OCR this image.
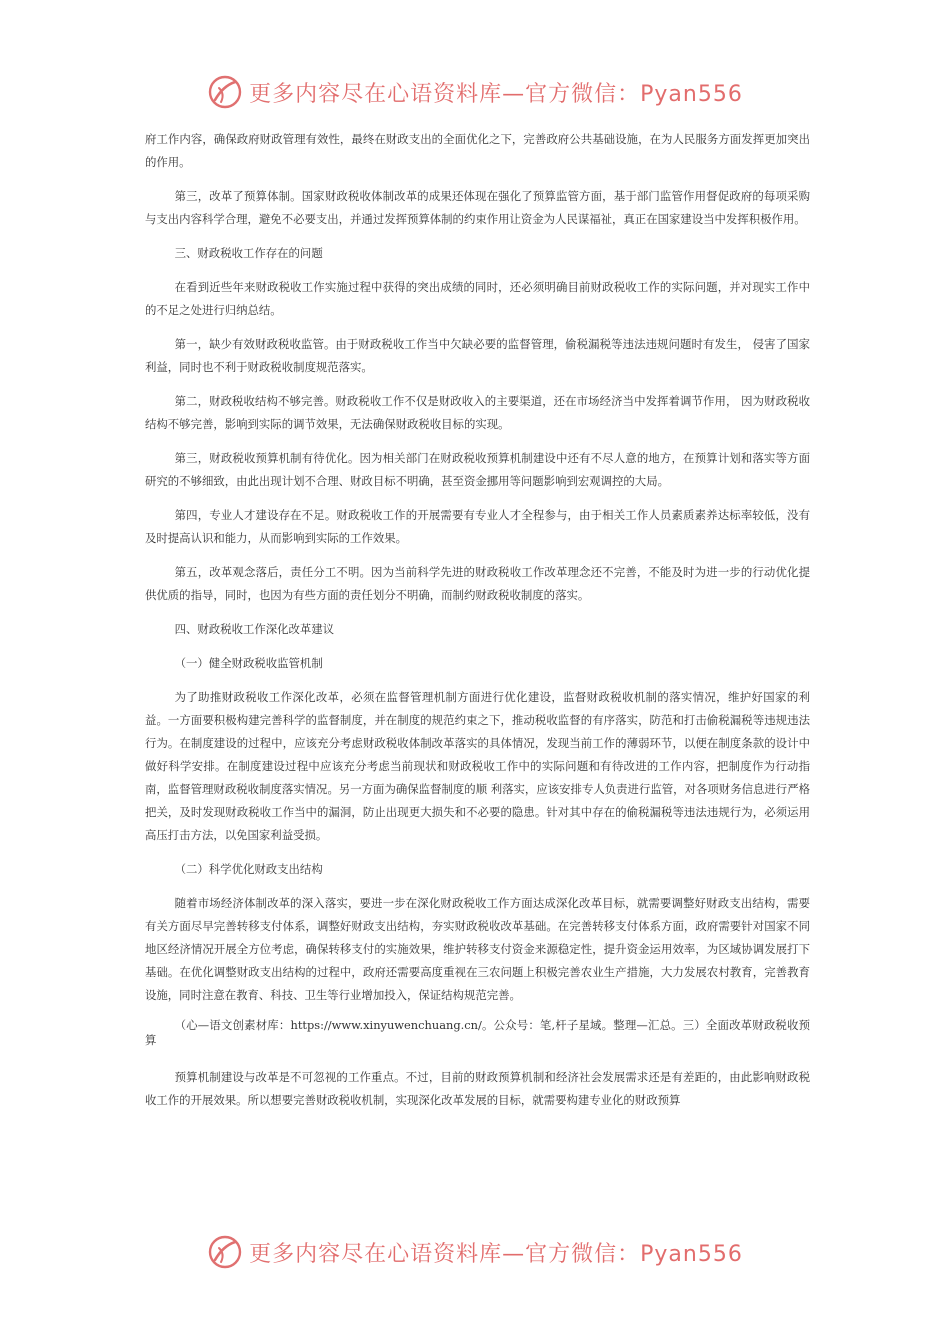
更多内容尽在心语资料库—官方微信：Pyan556

府工作内容，确保政府财政管理有效性，最终在财政支出的全面优化之下，完善政府公共基础设施，在为人民服务方面发挥更加突出的作用。

第三，改革了预算体制。国家财政税收体制改革的成果还体现在强化了预算监管方面，基于部门监管作用督促政府的每项采购与支出内容科学合理，避免不必要支出，并通过发挥预算体制的约束作用让资金为人民谋福祉，真正在国家建设当中发挥积极作用。

三、财政税收工作存在的问题

在看到近些年来财政税收工作实施过程中获得的突出成绩的同时，还必须明确目前财政税收工作的实际问题，并对现实工作中的不足之处进行归纳总结。

第一，缺少有效财政税收监管。由于财政税收工作当中欠缺必要的监督管理，偷税漏税等违法违规问题时有发生， 侵害了国家利益，同时也不利于财政税收制度规范落实。

第二，财政税收结构不够完善。财政税收工作不仅是财政收入的主要渠道，还在市场经济当中发挥着调节作用， 因为财政税收结构不够完善，影响到实际的调节效果，无法确保财政税收目标的实现。

第三，财政税收预算机制有待优化。因为相关部门在财政税收预算机制建设中还有不尽人意的地方，在预算计划和落实等方面研究的不够细致，由此出现计划不合理、财政目标不明确，甚至资金挪用等问题影响到宏观调控的大局。

第四，专业人才建设存在不足。财政税收工作的开展需要有专业人才全程参与，由于相关工作人员素质素养达标率较低，没有及时提高认识和能力，从而影响到实际的工作效果。

第五，改革观念落后，责任分工不明。因为当前科学先进的财政税收工作改革理念还不完善，不能及时为进一步的行动优化提供优质的指导，同时，也因为有些方面的责任划分不明确，而制约财政税收制度的落实。

四、财政税收工作深化改革建议

（一）健全财政税收监管机制

为了助推财政税收工作深化改革，必须在监督管理机制方面进行优化建设，监督财政税收机制的落实情况，维护好国家的利益。一方面要积极构建完善科学的监督制度，并在制度的规范约束之下，推动税收监督的有序落实，防范和打击偷税漏税等违规违法行为。在制度建设的过程中，应该充分考虑财政税收体制改革落实的具体情况，发现当前工作的薄弱环节，以便在制度条款的设计中做好科学安排。在制度建设过程中应该充分考虑当前现状和财政税收工作中的实际问题和有待改进的工作内容，把制度作为行动指南，监督管理财政税收制度落实情况。另一方面为确保监督制度的顺 利落实，应该安排专人负责进行监管，对各项财务信息进行严格把关，及时发现财政税收工作当中的漏洞，防止出现更大损失和不必要的隐患。针对其中存在的偷税漏税等违法违规行为，必须运用高压打击方法，以免国家利益受损。

（二）科学优化财政支出结构

随着市场经济体制改革的深入落实，要进一步在深化财政税收工作方面达成深化改革目标，就需要调整好财政支出结构，需要有关方面尽早完善转移支付体系，调整好财政支出结构，夯实财政税收改革基础。在完善转移支付体系方面，政府需要针对国家不同地区经济情况开展全方位考虑，确保转移支付的实施效果，维护转移支付资金来源稳定性，提升资金运用效率，为区域协调发展打下基础。在优化调整财政支出结构的过程中，政府还需要高度重视在三农问题上积极完善农业生产措施，大力发展农村教育，完善教育设施，同时注意在教育、科技、卫生等行业增加投入，保证结构规范完善。

（心—语文创素材库：https://www.xinyuwenchuang.cn/。公众号：笔,杆子星域。整理—汇总。三）全面改革财政税收预算

预算机制建设与改革是不可忽视的工作重点。不过，目前的财政预算机制和经济社会发展需求还是有差距的，由此影响财政税收工作的开展效果。所以想要完善财政税收机制，实现深化改革发展的目标，就需要构建专业化的财政预算

更多内容尽在心语资料库—官方微信：Pyan556
